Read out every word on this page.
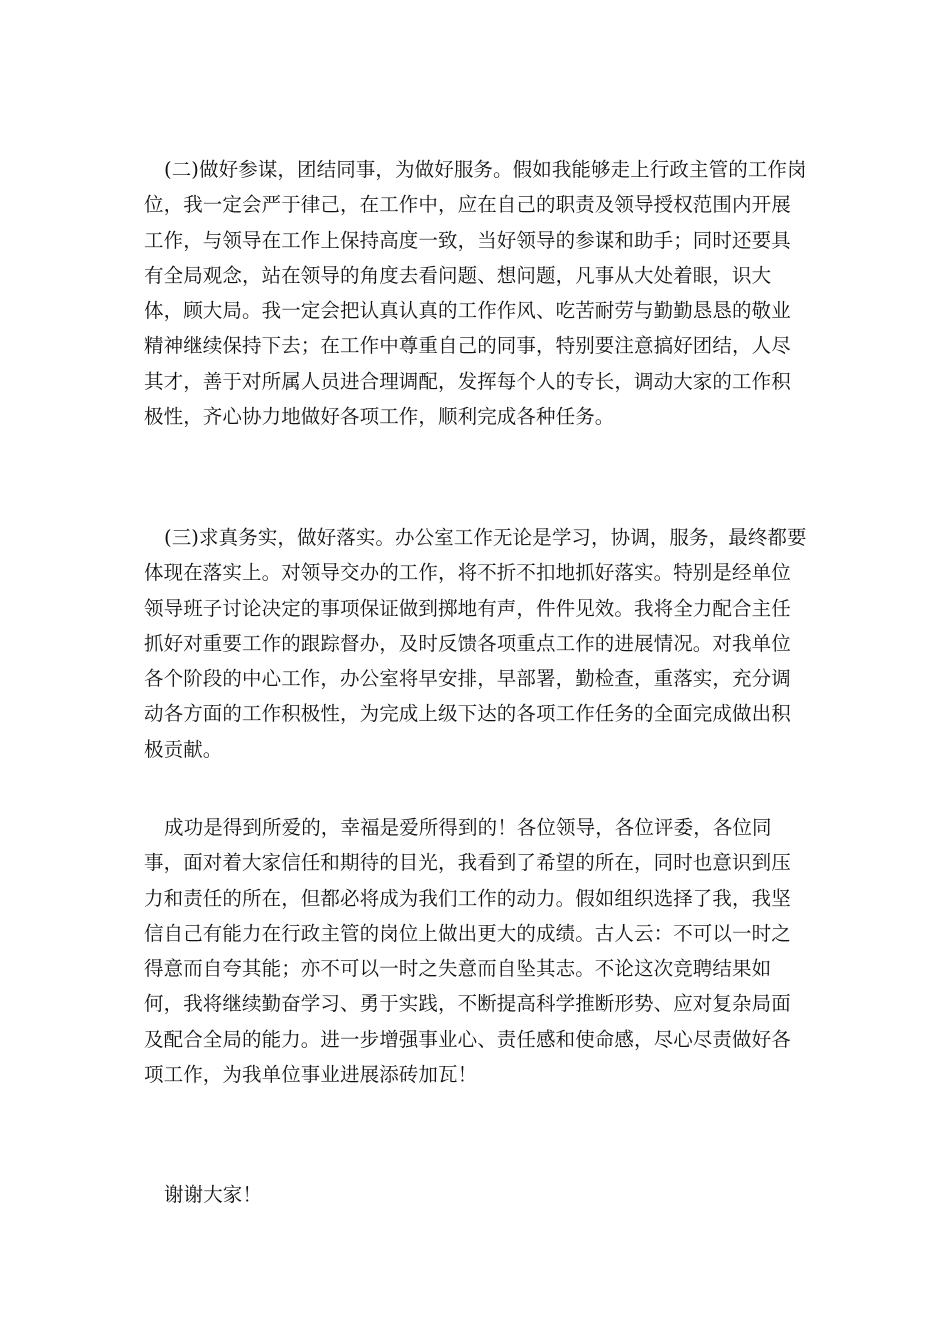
(二)做好参谋，团结同事，为做好服务。假如我能够走上行政主管的工作岗位，我一定会严于律己，在工作中，应在自己的职责及领导授权范围内开展工作，与领导在工作上保持高度一致，当好领导的参谋和助手；同时还要具有全局观念，站在领导的角度去看问题、想问题，凡事从大处着眼，识大体，顾大局。我一定会把认真认真的工作作风、吃苦耐劳与勤勤恳恳的敬业精神继续保持下去；在工作中尊重自己的同事，特别要注意搞好团结，人尽其才，善于对所属人员进合理调配，发挥每个人的专长，调动大家的工作积极性，齐心协力地做好各项工作，顺利完成各种任务。

(三)求真务实，做好落实。办公室工作无论是学习，协调，服务，最终都要体现在落实上。对领导交办的工作，将不折不扣地抓好落实。特别是经单位领导班子讨论决定的事项保证做到掷地有声，件件见效。我将全力配合主任抓好对重要工作的跟踪督办，及时反馈各项重点工作的进展情况。对我单位各个阶段的中心工作，办公室将早安排，早部署，勤检查，重落实，充分调动各方面的工作积极性，为完成上级下达的各项工作任务的全面完成做出积极贡献。

成功是得到所爱的，幸福是爱所得到的！各位领导，各位评委，各位同事，面对着大家信任和期待的目光，我看到了希望的所在，同时也意识到压力和责任的所在，但都必将成为我们工作的动力。假如组织选择了我，我坚信自己有能力在行政主管的岗位上做出更大的成绩。古人云：不可以一时之得意而自夸其能；亦不可以一时之失意而自坠其志。不论这次竞聘结果如何，我将继续勤奋学习、勇于实践，不断提高科学推断形势、应对复杂局面及配合全局的能力。进一步增强事业心、责任感和使命感，尽心尽责做好各项工作，为我单位事业进展添砖加瓦！

谢谢大家！
